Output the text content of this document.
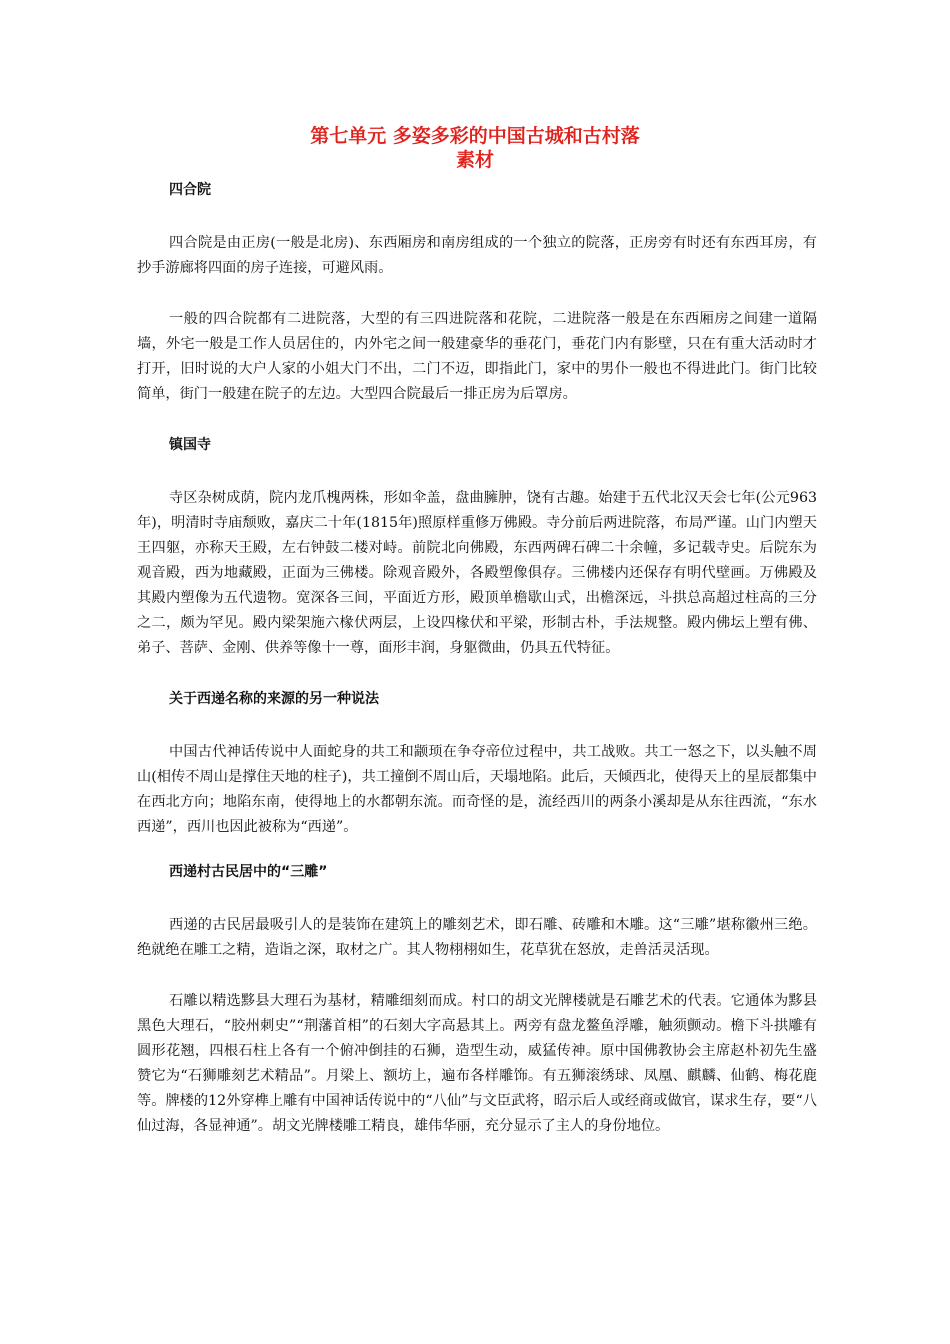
第七单元 多姿多彩的中国古城和古村落
素材
四合院

四合院是由正房(一般是北房)、东西厢房和南房组成的一个独立的院落，正房旁有时还有东西耳房，有抄手游廊将四面的房子连接，可避风雨。

一般的四合院都有二进院落，大型的有三四进院落和花院，二进院落一般是在东西厢房之间建一道隔墙，外宅一般是工作人员居住的，内外宅之间一般建豪华的垂花门，垂花门内有影壁，只在有重大活动时才打开，旧时说的大户人家的小姐大门不出，二门不迈，即指此门，家中的男仆一般也不得进此门。街门比较简单，街门一般建在院子的左边。大型四合院最后一排正房为后罩房。

镇国寺

寺区杂树成荫，院内龙爪槐两株，形如伞盖，盘曲臃肿，饶有古趣。始建于五代北汉天会七年(公元963年)，明清时寺庙颓败，嘉庆二十年(1815年)照原样重修万佛殿。寺分前后两进院落，布局严谨。山门内塑天王四躯，亦称天王殿，左右钟鼓二楼对峙。前院北向佛殿，东西两碑石碑二十余幢，多记载寺史。后院东为观音殿，西为地藏殿，正面为三佛楼。除观音殿外，各殿塑像俱存。三佛楼内还保存有明代壁画。万佛殿及其殿内塑像为五代遗物。宽深各三间，平面近方形，殿顶单檐歇山式，出檐深远，斗拱总高超过柱高的三分之二，颇为罕见。殿内梁架施六椽伏两层，上设四椽伏和平梁，形制古朴，手法规整。殿内佛坛上塑有佛、弟子、菩萨、金刚、供养等像十一尊，面形丰润，身躯微曲，仍具五代特征。

关于西递名称的来源的另一种说法

中国古代神话传说中人面蛇身的共工和颛顼在争夺帝位过程中，共工战败。共工一怒之下，以头触不周山(相传不周山是撑住天地的柱子)，共工撞倒不周山后，天塌地陷。此后，天倾西北，使得天上的星辰都集中在西北方向；地陷东南，使得地上的水都朝东流。而奇怪的是，流经西川的两条小溪却是从东往西流，“东水西递”，西川也因此被称为“西递”。

西递村古民居中的“三雕”

西递的古民居最吸引人的是装饰在建筑上的雕刻艺术，即石雕、砖雕和木雕。这“三雕”堪称徽州三绝。绝就绝在雕工之精，造诣之深，取材之广。其人物栩栩如生，花草犹在怒放，走兽活灵活现。

石雕以精选黟县大理石为基材，精雕细刻而成。村口的胡文光牌楼就是石雕艺术的代表。它通体为黟县黑色大理石，“胶州刺史”“荆藩首相”的石刻大字高悬其上。两旁有盘龙鳌鱼浮雕，触须颤动。檐下斗拱雕有圆形花翘，四根石柱上各有一个俯冲倒挂的石狮，造型生动，威猛传神。原中国佛教协会主席赵朴初先生盛赞它为“石狮雕刻艺术精品”。月梁上、额坊上，遍布各样雕饰。有五狮滚绣球、凤凰、麒麟、仙鹤、梅花鹿等。牌楼的12外穿榫上雕有中国神话传说中的“八仙”与文臣武将，昭示后人或经商或做官，谋求生存，要“八仙过海，各显神通”。胡文光牌楼雕工精良，雄伟华丽，充分显示了主人的身份地位。
